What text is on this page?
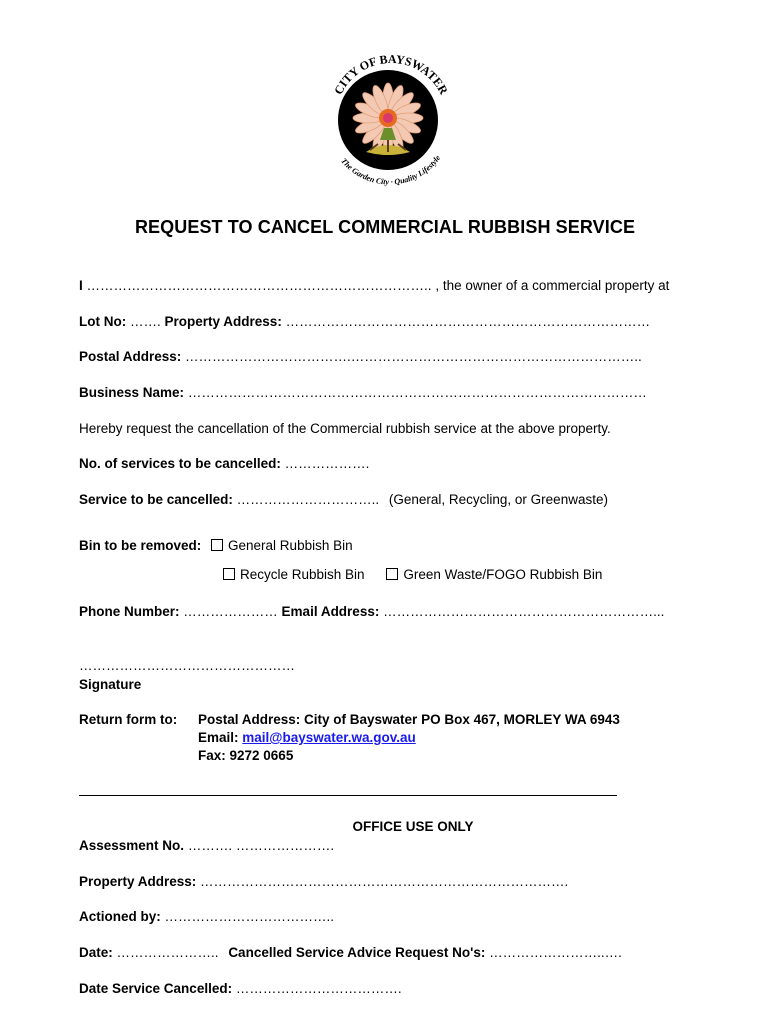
CITY OF BAYSWATER
The Garden City · Quality Lifestyle
REQUEST TO CANCEL COMMERCIAL RUBBISH SERVICE
I ………………………………………………………………….. , the owner of a commercial property at
Lot No: ……. Property Address: ………………………………………………………………………
Postal Address: ……………………………….………………………………………………………..
Business Name: …………………………………………………………………………………………
Hereby request the cancellation of the Commercial rubbish service at the above property.
No. of services to be cancelled: ……………….
Service to be cancelled: ………………………….. (General, Recycling, or Greenwaste)
Bin to be removed: General Rubbish Bin
Recycle Rubbish Bin	Green Waste/FOGO Rubbish Bin
Phone Number: ………………… Email Address: ……………………………………………………...
…………………………………………
Signature
Return form to: Postal Address: City of Bayswater PO Box 467, MORLEY WA 6943
Email: mail@bayswater.wa.gov.au
Fax: 9272 0665
OFFICE USE ONLY
Assessment No. ………. ………………….
Property Address: ……………………………………………………………………….
Actioned by: ………………………………..
Date: ………………….. Cancelled Service Advice Request No's: ……………………..….
Date Service Cancelled: ……………………………….
